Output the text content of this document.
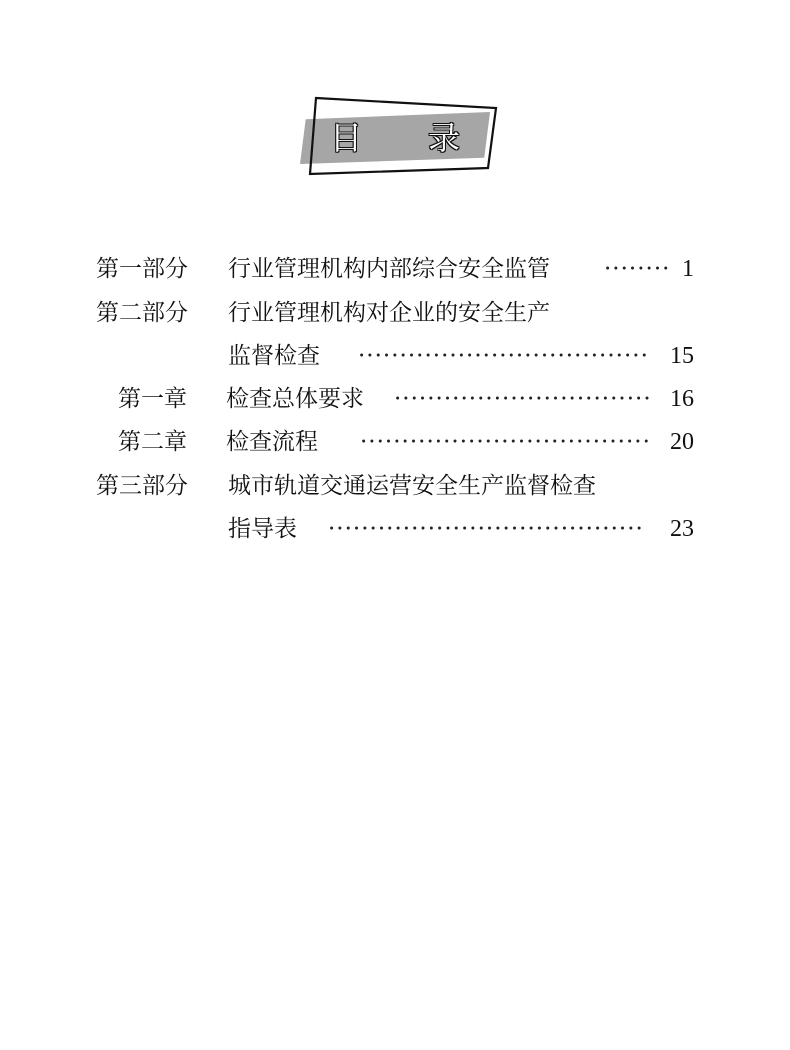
目 录
第一部分 行业管理机构内部综合安全监管 ········ 1
第二部分 行业管理机构对企业的安全生产
监督检查 ··································· 15
第一章 检查总体要求 ······························· 16
第二章 检查流程 ··································· 20
第三部分 城市轨道交通运营安全生产监督检查
指导表 ······································	23
